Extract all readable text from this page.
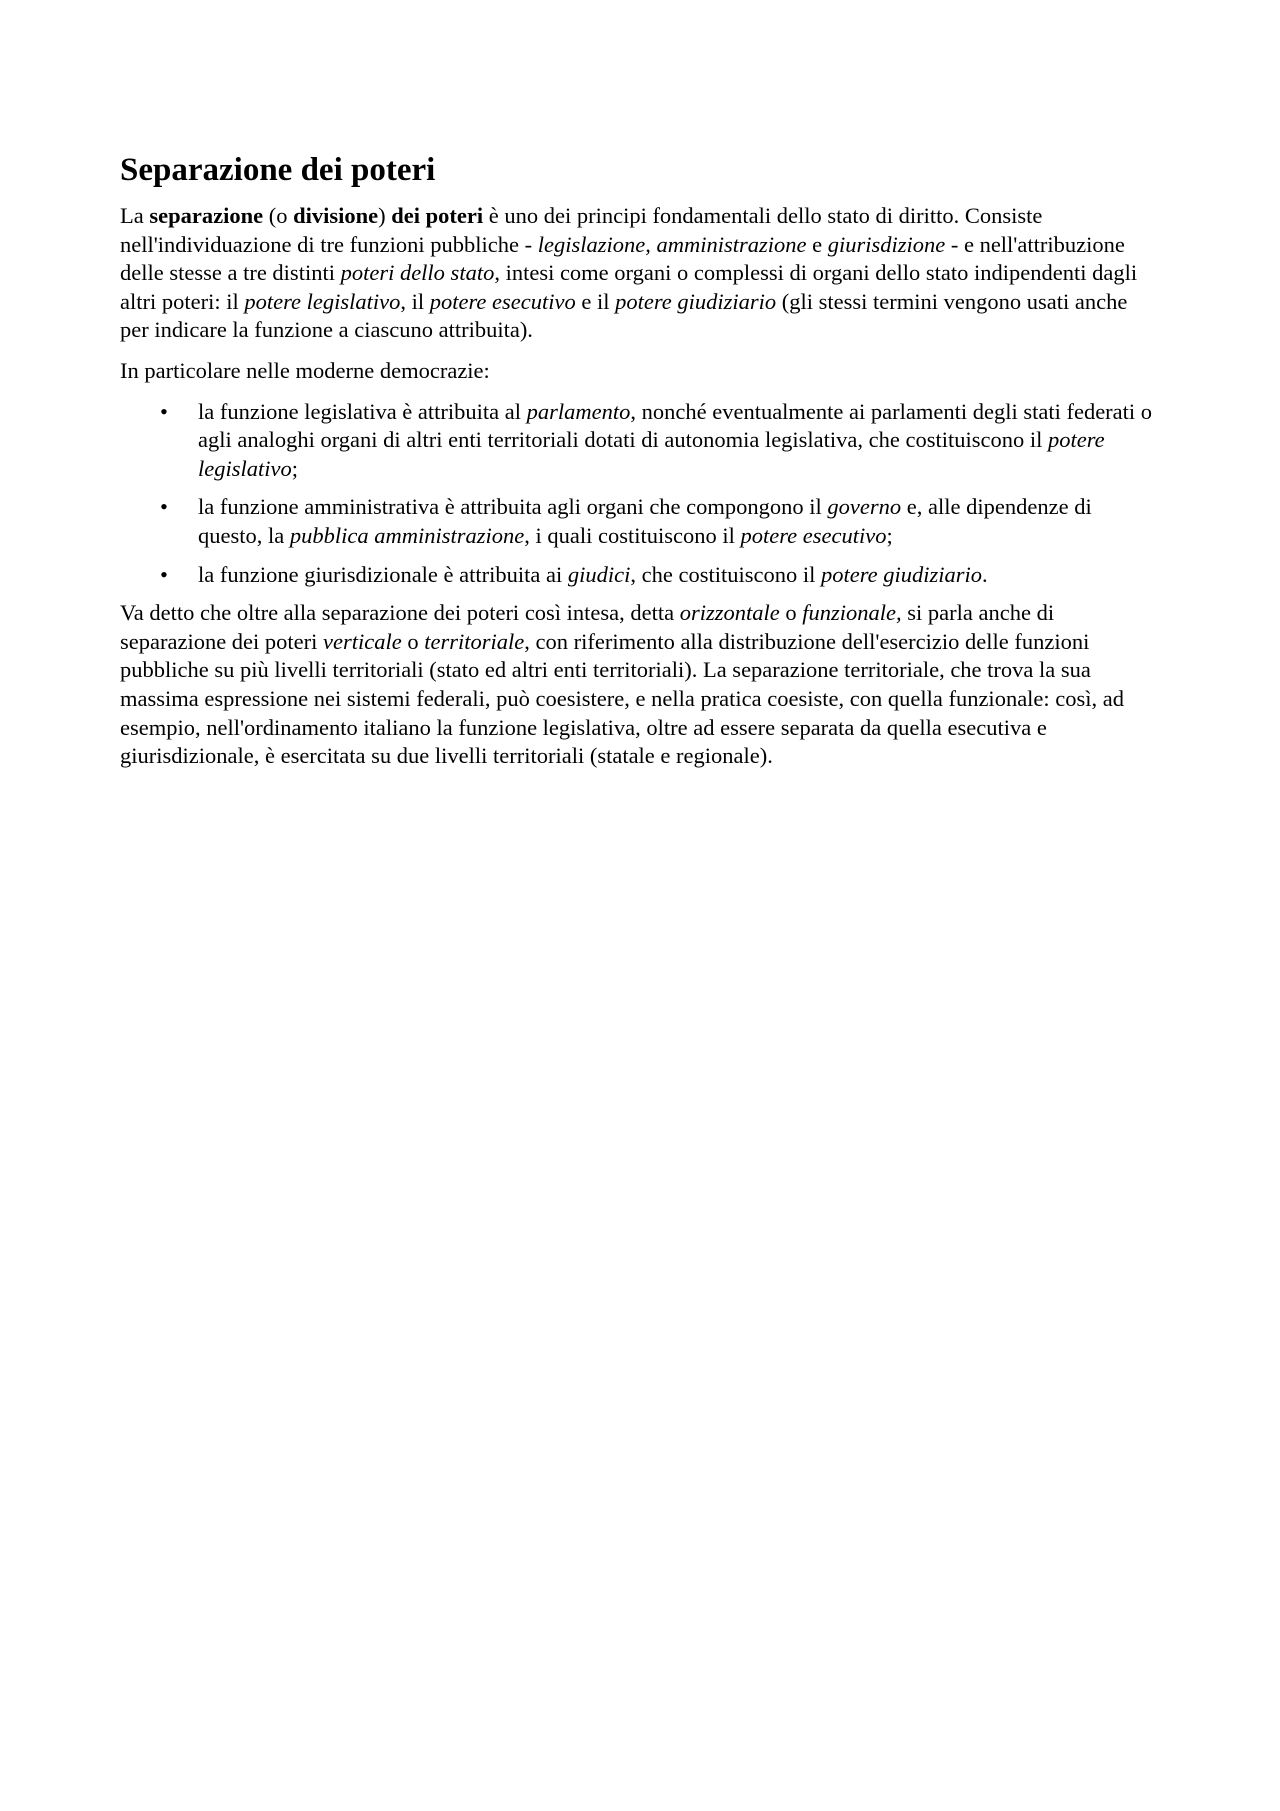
Separazione dei poteri

La separazione (o divisione) dei poteri è uno dei principi fondamentali dello stato di diritto. Consiste nell'individuazione di tre funzioni pubbliche - legislazione, amministrazione e giurisdizione - e nell'attribuzione delle stesse a tre distinti poteri dello stato, intesi come organi o complessi di organi dello stato indipendenti dagli altri poteri: il potere legislativo, il potere esecutivo e il potere giudiziario (gli stessi termini vengono usati anche per indicare la funzione a ciascuno attribuita).

In particolare nelle moderne democrazie:

• la funzione legislativa è attribuita al parlamento, nonché eventualmente ai parlamenti degli stati federati o agli analoghi organi di altri enti territoriali dotati di autonomia legislativa, che costituiscono il potere legislativo;
• la funzione amministrativa è attribuita agli organi che compongono il governo e, alle dipendenze di questo, la pubblica amministrazione, i quali costituiscono il potere esecutivo;
• la funzione giurisdizionale è attribuita ai giudici, che costituiscono il potere giudiziario.

Va detto che oltre alla separazione dei poteri così intesa, detta orizzontale o funzionale, si parla anche di separazione dei poteri verticale o territoriale, con riferimento alla distribuzione dell'esercizio delle funzioni pubbliche su più livelli territoriali (stato ed altri enti territoriali). La separazione territoriale, che trova la sua massima espressione nei sistemi federali, può coesistere, e nella pratica coesiste, con quella funzionale: così, ad esempio, nell'ordinamento italiano la funzione legislativa, oltre ad essere separata da quella esecutiva e giurisdizionale, è esercitata su due livelli territoriali (statale e regionale).
